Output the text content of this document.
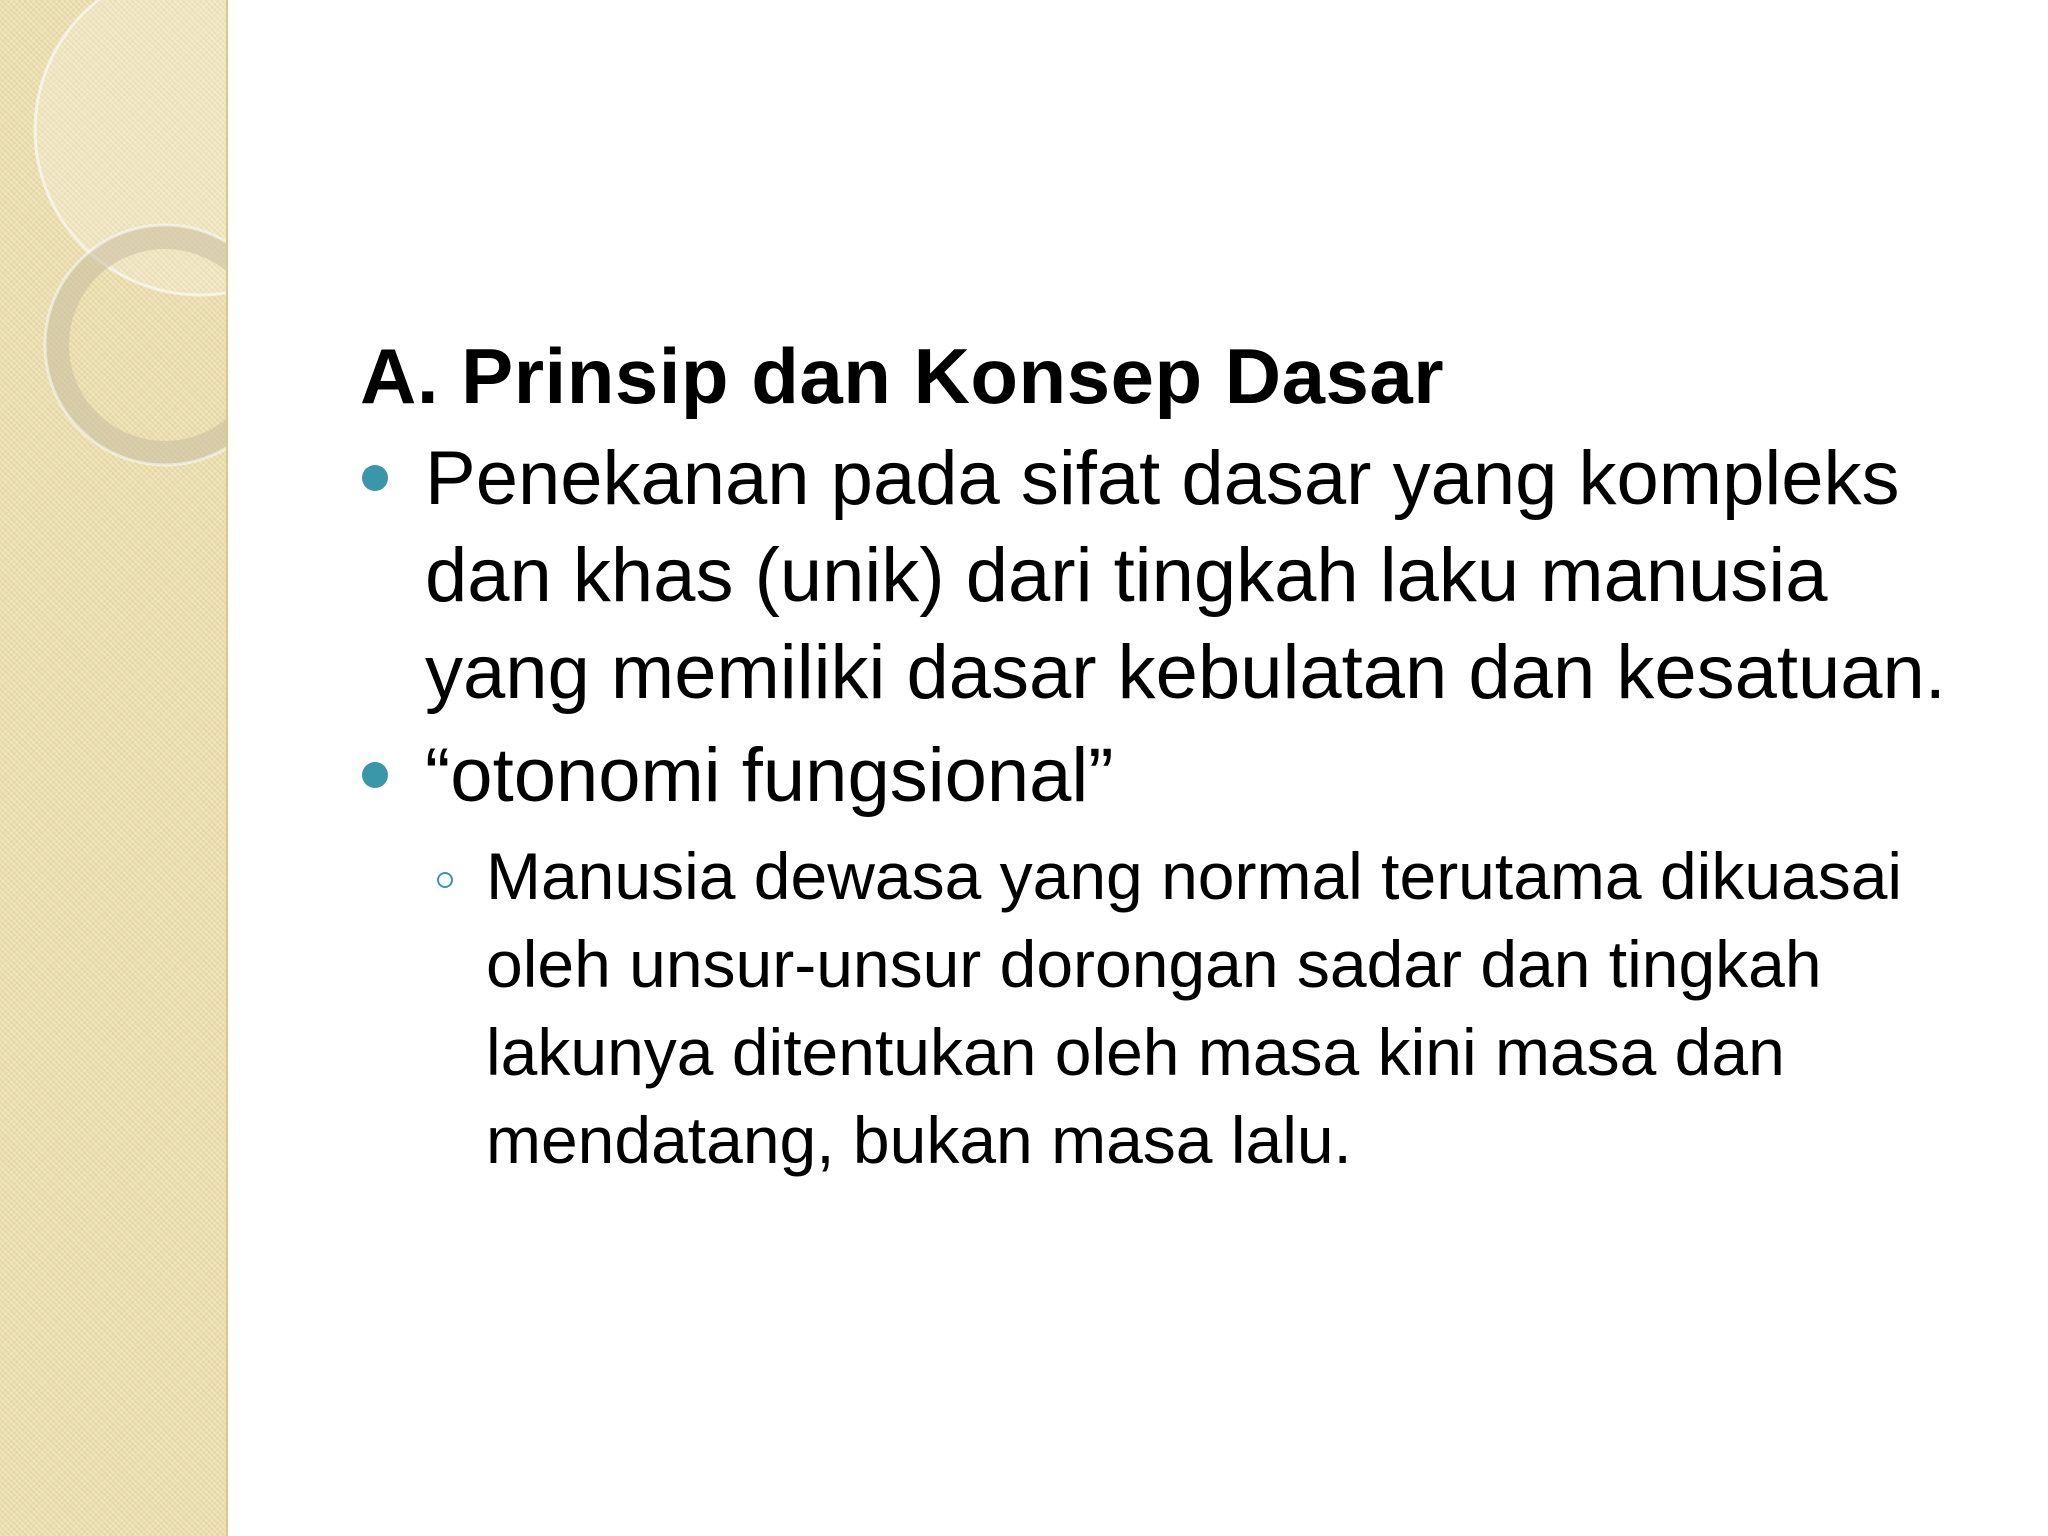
A. Prinsip dan Konsep Dasar
Penekanan pada sifat dasar yang kompleks dan khas (unik) dari tingkah laku manusia yang memiliki dasar kebulatan dan kesatuan.
“otonomi fungsional”
Manusia dewasa yang normal terutama dikuasai oleh unsur-unsur dorongan sadar dan tingkah lakunya ditentukan oleh masa kini masa dan mendatang, bukan masa lalu.
